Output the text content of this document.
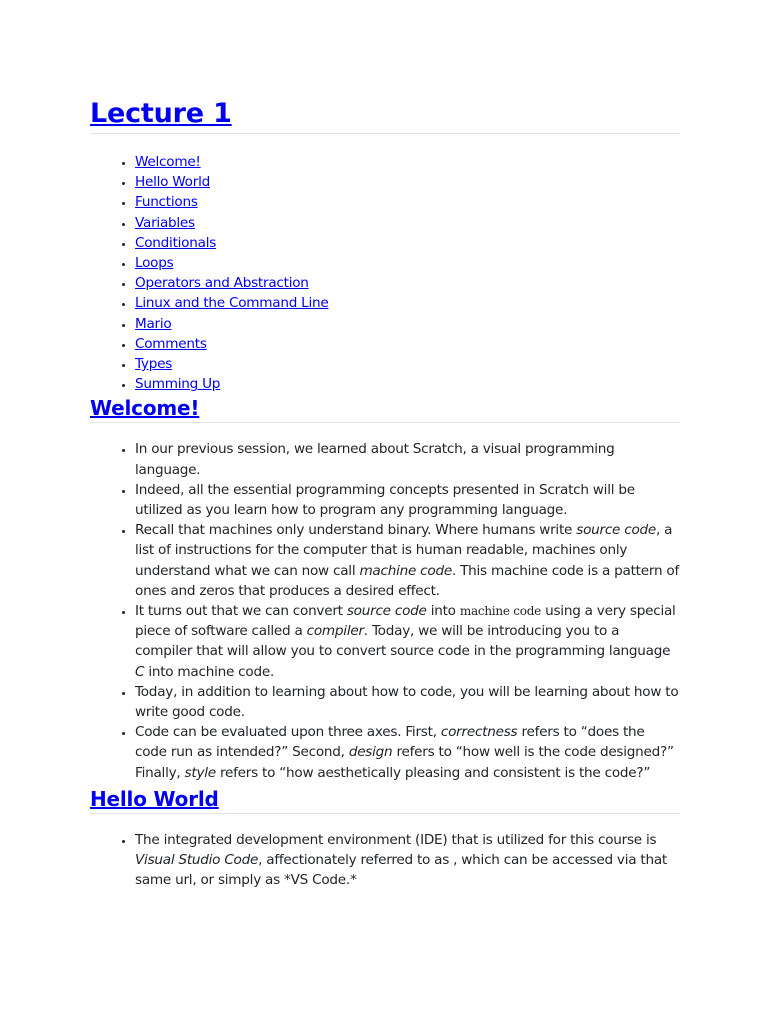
Lecture 1
• Welcome!
• Hello World
• Functions
• Variables
• Conditionals
• Loops
• Operators and Abstraction
• Linux and the Command Line
• Mario
• Comments
• Types
• Summing Up
Welcome!
• In our previous session, we learned about Scratch, a visual programming language.
• Indeed, all the essential programming concepts presented in Scratch will be utilized as you learn how to program any programming language.
• Recall that machines only understand binary. Where humans write source code, a list of instructions for the computer that is human readable, machines only understand what we can now call machine code. This machine code is a pattern of ones and zeros that produces a desired effect.
• It turns out that we can convert source code into machine code using a very special piece of software called a compiler. Today, we will be introducing you to a compiler that will allow you to convert source code in the programming language C into machine code.
• Today, in addition to learning about how to code, you will be learning about how to write good code.
• Code can be evaluated upon three axes. First, correctness refers to “does the code run as intended?” Second, design refers to “how well is the code designed?” Finally, style refers to “how aesthetically pleasing and consistent is the code?”
Hello World
• The integrated development environment (IDE) that is utilized for this course is Visual Studio Code, affectionately referred to as , which can be accessed via that same url, or simply as *VS Code.*
